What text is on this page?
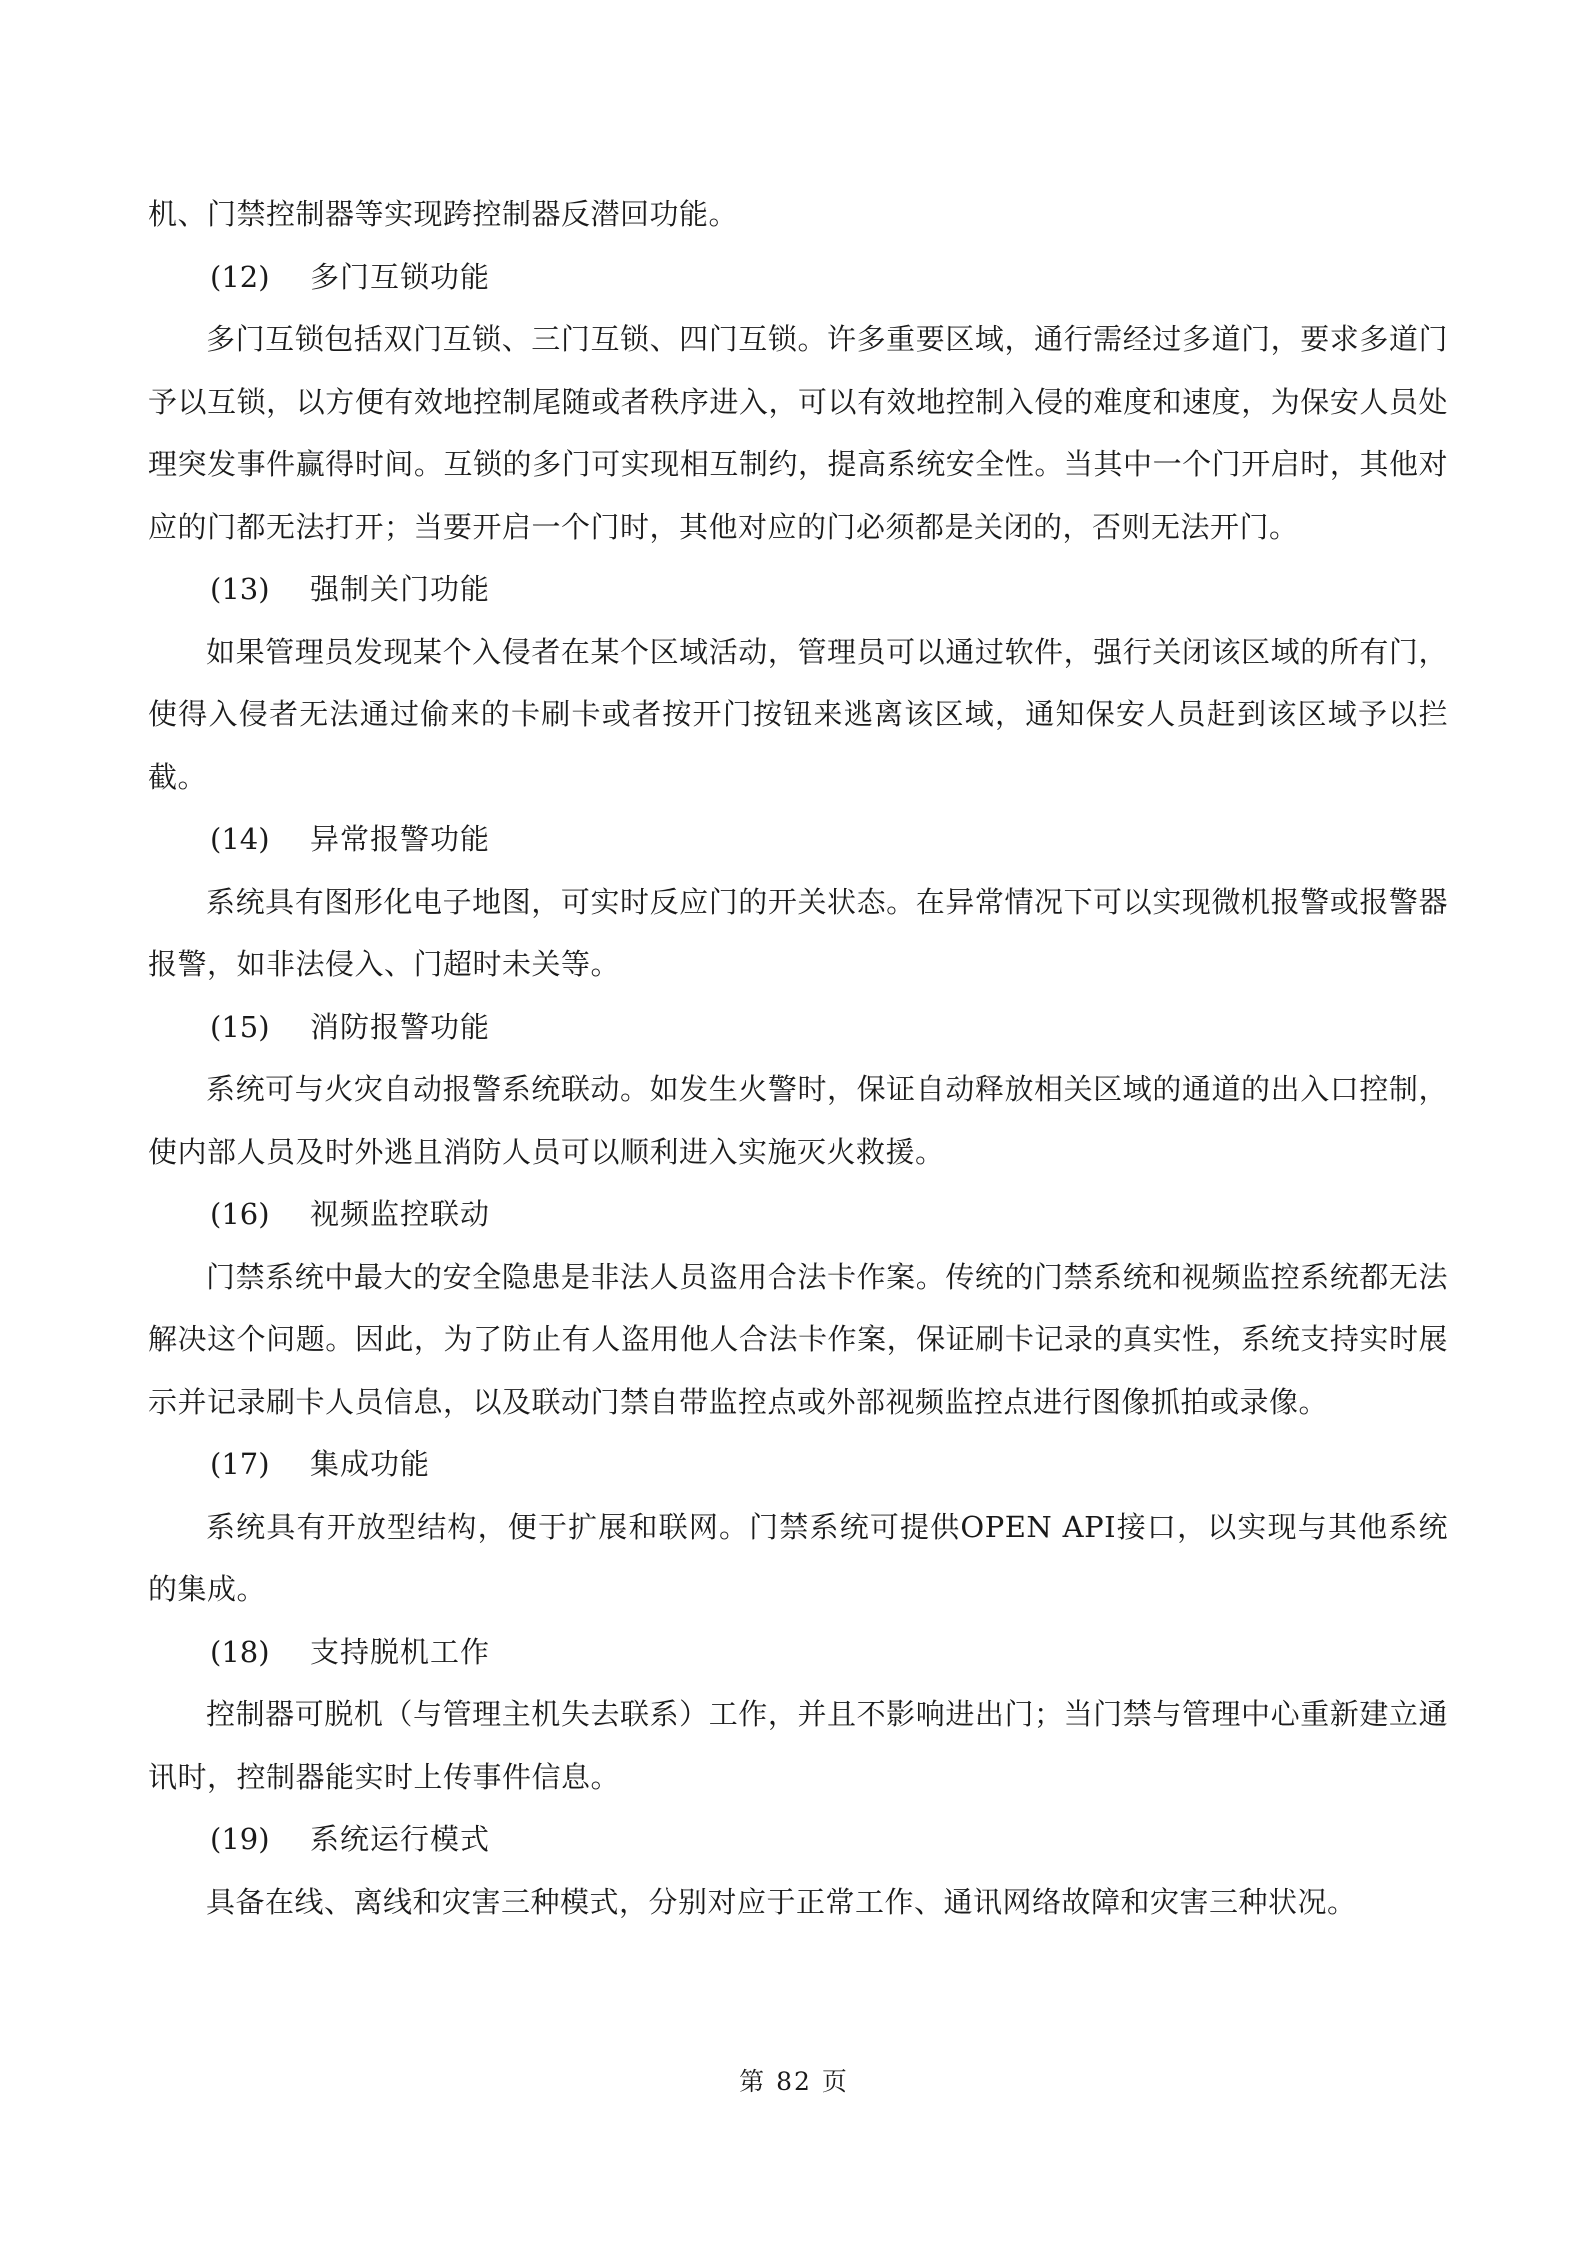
机、门禁控制器等实现跨控制器反潜回功能。

(12) 多门互锁功能

多门互锁包括双门互锁、三门互锁、四门互锁。许多重要区域，通行需经过多道门，要求多道门予以互锁，以方便有效地控制尾随或者秩序进入，可以有效地控制入侵的难度和速度，为保安人员处理突发事件赢得时间。互锁的多门可实现相互制约，提高系统安全性。当其中一个门开启时，其他对应的门都无法打开；当要开启一个门时，其他对应的门必须都是关闭的，否则无法开门。

(13) 强制关门功能

如果管理员发现某个入侵者在某个区域活动，管理员可以通过软件，强行关闭该区域的所有门，使得入侵者无法通过偷来的卡刷卡或者按开门按钮来逃离该区域，通知保安人员赶到该区域予以拦截。

(14) 异常报警功能

系统具有图形化电子地图，可实时反应门的开关状态。在异常情况下可以实现微机报警或报警器报警，如非法侵入、门超时未关等。

(15) 消防报警功能

系统可与火灾自动报警系统联动。如发生火警时，保证自动释放相关区域的通道的出入口控制，使内部人员及时外逃且消防人员可以顺利进入实施灭火救援。

(16) 视频监控联动

门禁系统中最大的安全隐患是非法人员盗用合法卡作案。传统的门禁系统和视频监控系统都无法解决这个问题。因此，为了防止有人盗用他人合法卡作案，保证刷卡记录的真实性，系统支持实时展示并记录刷卡人员信息，以及联动门禁自带监控点或外部视频监控点进行图像抓拍或录像。

(17) 集成功能

系统具有开放型结构，便于扩展和联网。门禁系统可提供OPEN API接口，以实现与其他系统的集成。

(18) 支持脱机工作

控制器可脱机（与管理主机失去联系）工作，并且不影响进出门；当门禁与管理中心重新建立通讯时，控制器能实时上传事件信息。

(19) 系统运行模式

具备在线、离线和灾害三种模式，分别对应于正常工作、通讯网络故障和灾害三种状况。

第 82 页
